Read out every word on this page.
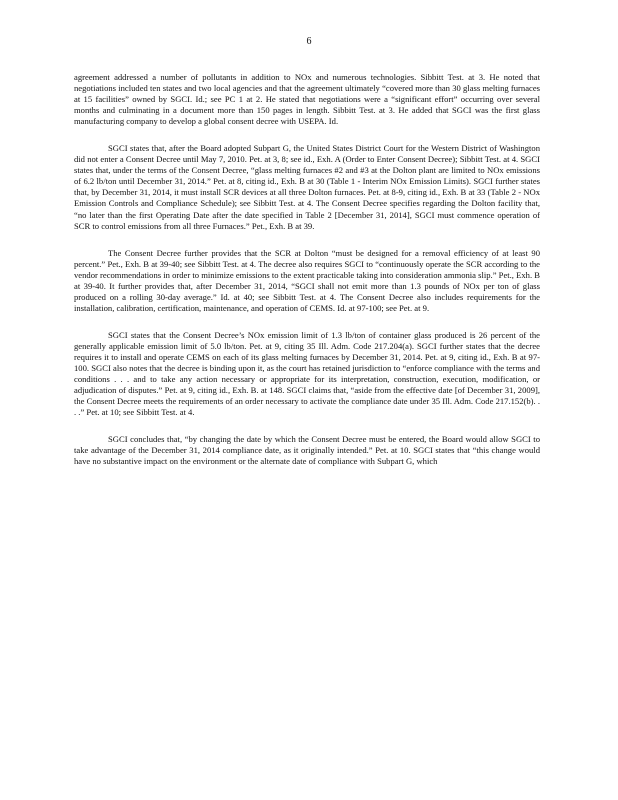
6

agreement addressed a number of pollutants in addition to NOx and numerous technologies. Sibbitt Test. at 3. He noted that negotiations included ten states and two local agencies and that the agreement ultimately “covered more than 30 glass melting furnaces at 15 facilities” owned by SGCI. Id.; see PC 1 at 2. He stated that negotiations were a “significant effort” occurring over several months and culminating in a document more than 150 pages in length. Sibbitt Test. at 3. He added that SGCI was the first glass manufacturing company to develop a global consent decree with USEPA. Id.

SGCI states that, after the Board adopted Subpart G, the United States District Court for the Western District of Washington did not enter a Consent Decree until May 7, 2010. Pet. at 3, 8; see id., Exh. A (Order to Enter Consent Decree); Sibbitt Test. at 4. SGCI states that, under the terms of the Consent Decree, “glass melting furnaces #2 and #3 at the Dolton plant are limited to NOx emissions of 6.2 lb/ton until December 31, 2014.” Pet. at 8, citing id., Exh. B at 30 (Table 1 - Interim NOx Emission Limits). SGCI further states that, by December 31, 2014, it must install SCR devices at all three Dolton furnaces. Pet. at 8-9, citing id., Exh. B at 33 (Table 2 - NOx Emission Controls and Compliance Schedule); see Sibbitt Test. at 4. The Consent Decree specifies regarding the Dolton facility that, “no later than the first Operating Date after the date specified in Table 2 [December 31, 2014], SGCI must commence operation of SCR to control emissions from all three Furnaces.” Pet., Exh. B at 39.

The Consent Decree further provides that the SCR at Dolton “must be designed for a removal efficiency of at least 90 percent.” Pet., Exh. B at 39-40; see Sibbitt Test. at 4. The decree also requires SGCI to “continuously operate the SCR according to the vendor recommendations in order to minimize emissions to the extent practicable taking into consideration ammonia slip.” Pet., Exh. B at 39-40. It further provides that, after December 31, 2014, “SGCI shall not emit more than 1.3 pounds of NOx per ton of glass produced on a rolling 30-day average.” Id. at 40; see Sibbitt Test. at 4. The Consent Decree also includes requirements for the installation, calibration, certification, maintenance, and operation of CEMS. Id. at 97-100; see Pet. at 9.

SGCI states that the Consent Decree’s NOx emission limit of 1.3 lb/ton of container glass produced is 26 percent of the generally applicable emission limit of 5.0 lb/ton. Pet. at 9, citing 35 Ill. Adm. Code 217.204(a). SGCI further states that the decree requires it to install and operate CEMS on each of its glass melting furnaces by December 31, 2014. Pet. at 9, citing id., Exh. B at 97-100. SGCI also notes that the decree is binding upon it, as the court has retained jurisdiction to “enforce compliance with the terms and conditions . . . and to take any action necessary or appropriate for its interpretation, construction, execution, modification, or adjudication of disputes.” Pet. at 9, citing id., Exh. B. at 148. SGCI claims that, “aside from the effective date [of December 31, 2009], the Consent Decree meets the requirements of an order necessary to activate the compliance date under 35 Ill. Adm. Code 217.152(b). . . .” Pet. at 10; see Sibbitt Test. at 4.

SGCI concludes that, “by changing the date by which the Consent Decree must be entered, the Board would allow SGCI to take advantage of the December 31, 2014 compliance date, as it originally intended.” Pet. at 10. SGCI states that “this change would have no substantive impact on the environment or the alternate date of compliance with Subpart G, which
